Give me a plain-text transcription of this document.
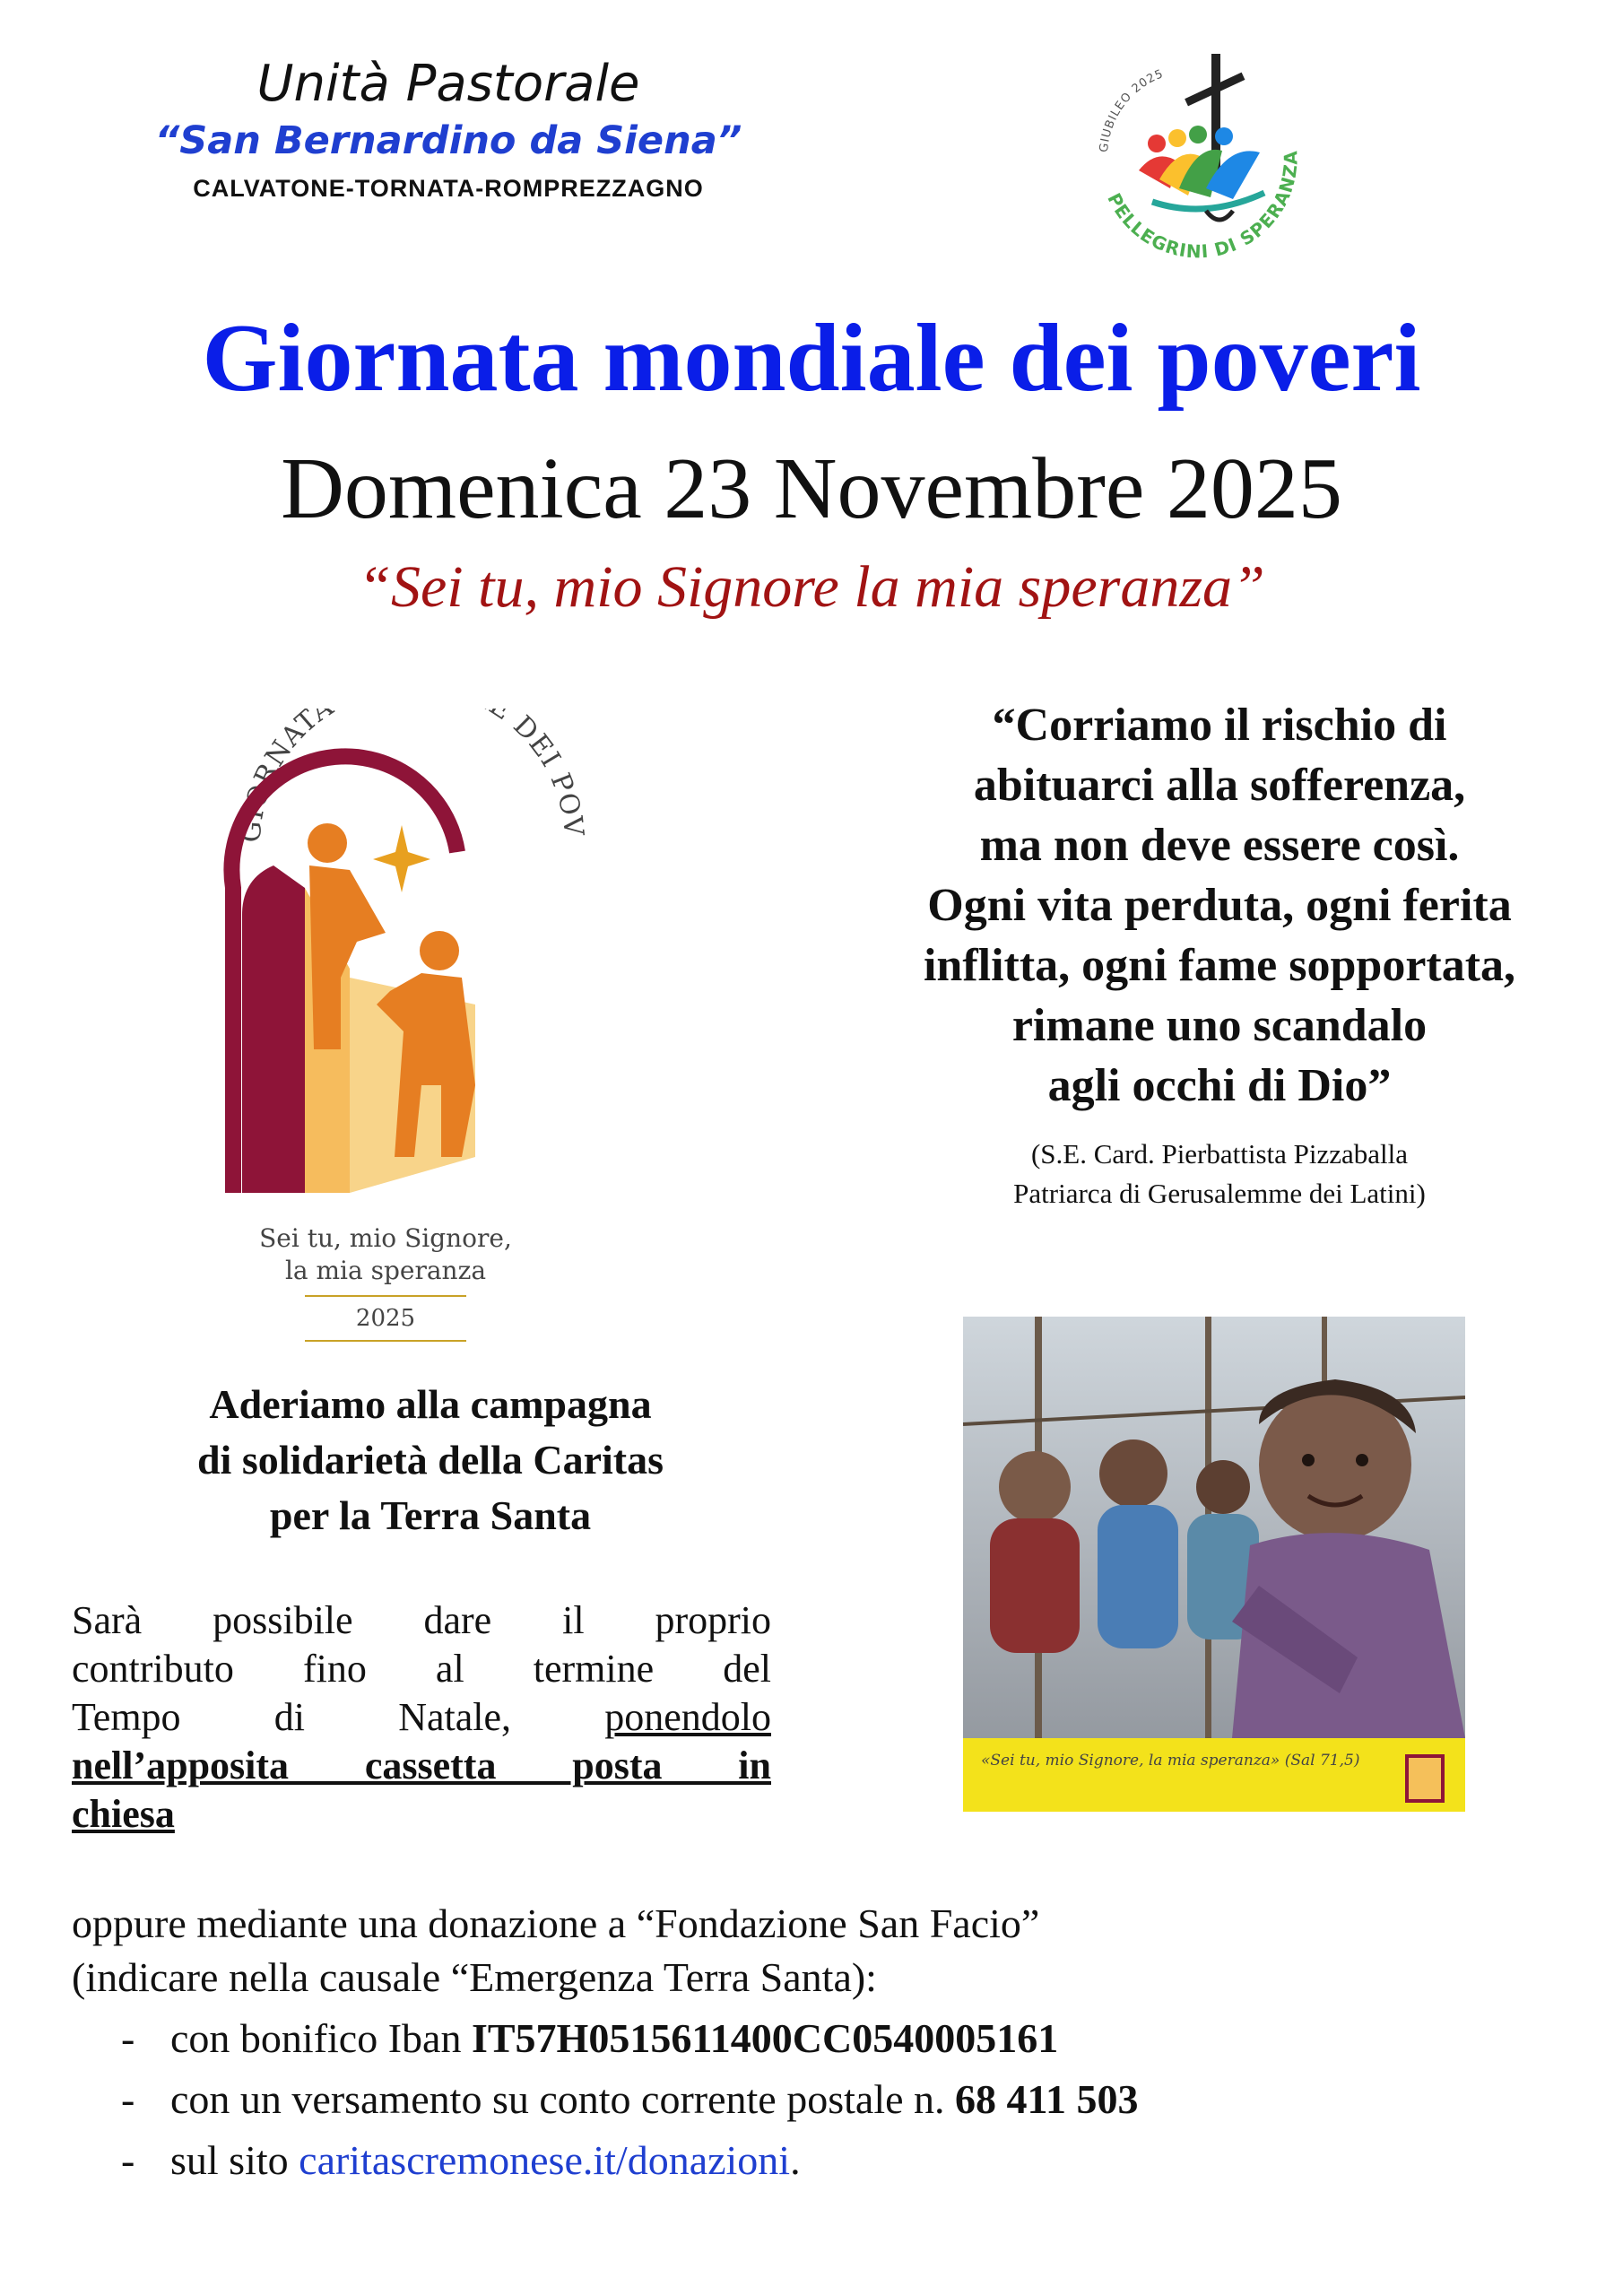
Unità Pastorale
“San Bernardino da Siena”
CALVATONE-TORNATA-ROMPREZZAGNO
GIUBILEO 2025
PELLEGRINI DI SPERANZA
Giornata mondiale dei poveri
Domenica 23 Novembre 2025
“Sei tu, mio Signore la mia speranza”
GIORNATA DEI POV
Sei tu, mio Signore,
la mia speranza
2025
“Corriamo il rischio di
abituarci alla sofferenza,
ma non deve essere così.
Ogni vita perduta, ogni ferita
inflitta, ogni fame sopportata,
rimane uno scandalo
agli occhi di Dio”
(S.E. Card. Pierbattista Pizzaballa
Patriarca di Gerusalemme dei Latini)
Aderiamo alla campagna
di solidarietà della Caritas
per la Terra Santa
Sarà possibile dare il proprio
contributo fino al termine del
Tempo di Natale, ponendolo
nell’apposita cassetta posta in
chiesa
«Sei tu, mio Signore, la mia speranza» (Sal 71,5)
oppure mediante una donazione a “Fondazione San Facio”
(indicare nella causale “Emergenza Terra Santa):
- con bonifico Iban IT57H0515611400CC0540005161
- con un versamento su conto corrente postale n. 68 411 503
- sul sito caritascremonese.it/donazioni.
